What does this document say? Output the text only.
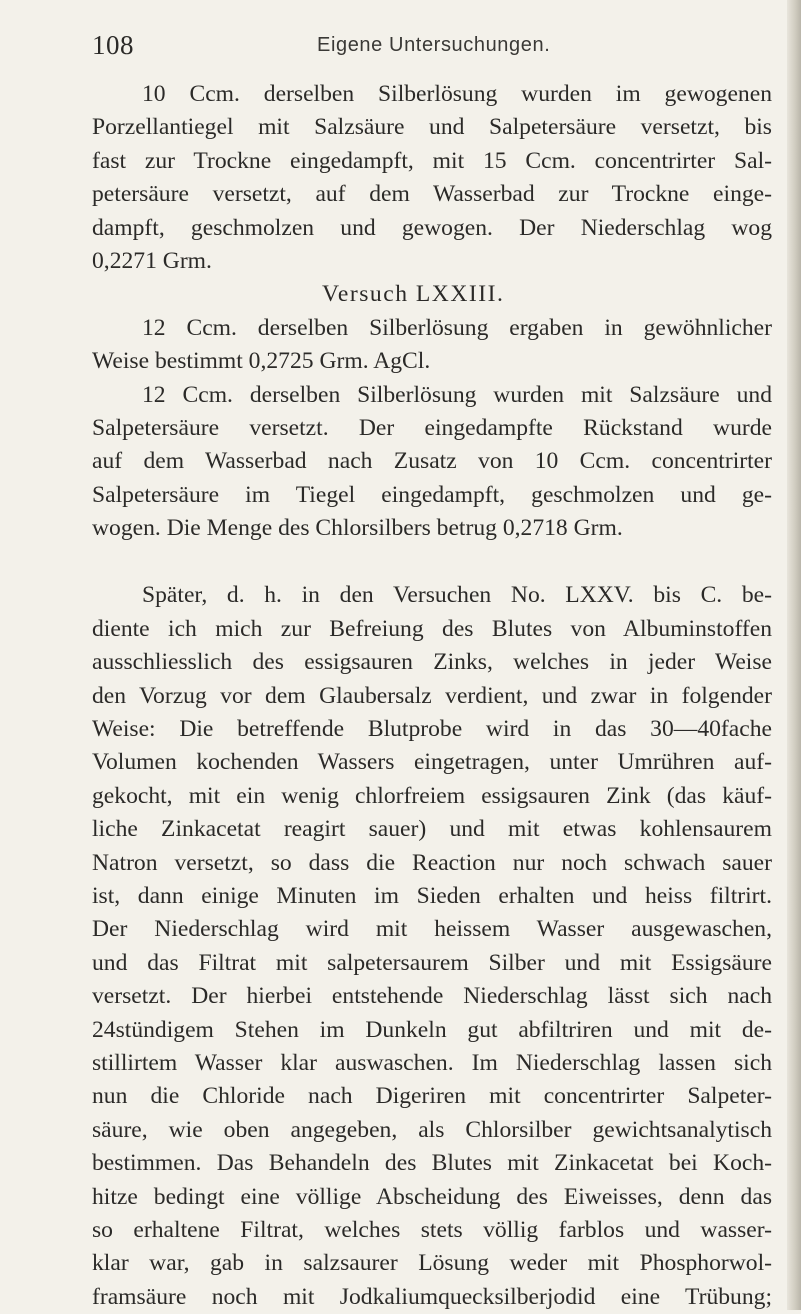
108	Eigene Untersuchungen.
10 Ccm. derselben Silberlösung wurden im gewogenen
Porzellantiegel mit Salzsäure und Salpetersäure versetzt, bis
fast zur Trockne eingedampft, mit 15 Ccm. concentrirter Sal-
petersäure versetzt, auf dem Wasserbad zur Trockne einge-
dampft, geschmolzen und gewogen. Der Niederschlag wog
0,2271 Grm.
Versuch LXXIII.
12 Ccm. derselben Silberlösung ergaben in gewöhnlicher
Weise bestimmt 0,2725 Grm. AgCl.
12 Ccm. derselben Silberlösung wurden mit Salzsäure und
Salpetersäure versetzt. Der eingedampfte Rückstand wurde
auf dem Wasserbad nach Zusatz von 10 Ccm. concentrirter
Salpetersäure im Tiegel eingedampft, geschmolzen und ge-
wogen. Die Menge des Chlorsilbers betrug 0,2718 Grm.
Später, d. h. in den Versuchen No. LXXV. bis C. be-
diente ich mich zur Befreiung des Blutes von Albuminstoffen
ausschliesslich des essigsauren Zinks, welches in jeder Weise
den Vorzug vor dem Glaubersalz verdient, und zwar in folgender
Weise: Die betreffende Blutprobe wird in das 30—40fache
Volumen kochenden Wassers eingetragen, unter Umrühren auf-
gekocht, mit ein wenig chlorfreiem essigsauren Zink (das käuf-
liche Zinkacetat reagirt sauer) und mit etwas kohlensaurem
Natron versetzt, so dass die Reaction nur noch schwach sauer
ist, dann einige Minuten im Sieden erhalten und heiss filtrirt.
Der Niederschlag wird mit heissem Wasser ausgewaschen,
und das Filtrat mit salpetersaurem Silber und mit Essigsäure
versetzt. Der hierbei entstehende Niederschlag lässt sich nach
24stündigem Stehen im Dunkeln gut abfiltriren und mit de-
stillirtem Wasser klar auswaschen. Im Niederschlag lassen sich
nun die Chloride nach Digeriren mit concentrirter Salpeter-
säure, wie oben angegeben, als Chlorsilber gewichtsanalytisch
bestimmen. Das Behandeln des Blutes mit Zinkacetat bei Koch-
hitze bedingt eine völlige Abscheidung des Eiweisses, denn das
so erhaltene Filtrat, welches stets völlig farblos und wasser-
klar war, gab in salzsaurer Lösung weder mit Phosphorwol-
framsäure noch mit Jodkaliumquecksilberjodid eine Trübung;
